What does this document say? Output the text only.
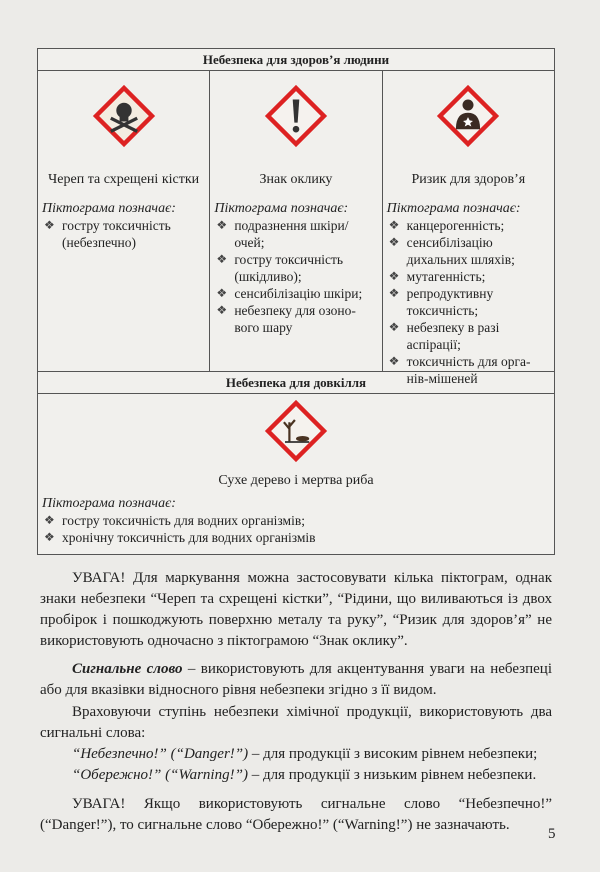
Небезпека для здоров’я людини
Череп та схрещені кістки
Піктограма позначає:
❖ гостру токсичність (небезпечно)
Знак оклику
Піктограма позначає:
❖ подразнення шкіри/ очей;
❖ гостру токсичність (шкідливо);
❖ сенсибілізацію шкіри;
❖ небезпеку для озоно-вого шару
Ризик для здоров’я
Піктограма позначає:
❖ канцерогенність;
❖ сенсибілізацію дихальних шляхів;
❖ мутагенність;
❖ репродуктивну токсичність;
❖ небезпеку в разі аспірації;
❖ токсичність для орга-нів-мішеней
Небезпека для довкілля
Сухе дерево і мертва риба
Піктограма позначає:
❖ гостру токсичність для водних організмів;
❖ хронічну токсичність для водних організмів
УВАГА! Для маркування можна застосовувати кілька піктограм, однак знаки небезпеки “Череп та схрещені кістки”, “Рідини, що виливаються із двох пробірок і пошкоджують поверхню металу та руку”, “Ризик для здоров’я” не використовують одночасно з піктограмою “Знак оклику”.
Сигнальне слово – використовують для акцентування уваги на небезпеці або для вказівки відносного рівня небезпеки згідно з її видом.
Враховуючи ступінь небезпеки хімічної продукції, використовують два сигнальні слова:
“Небезпечно!” (“Danger!”) – для продукції з високим рівнем небезпеки;
“Обережно!” (“Warning!”) – для продукції з низьким рівнем небезпеки.
УВАГА! Якщо використовують сигнальне слово “Небезпечно!” (“Danger!”), то сигнальне слово “Обережно!” (“Warning!”) не зазначають.
5
